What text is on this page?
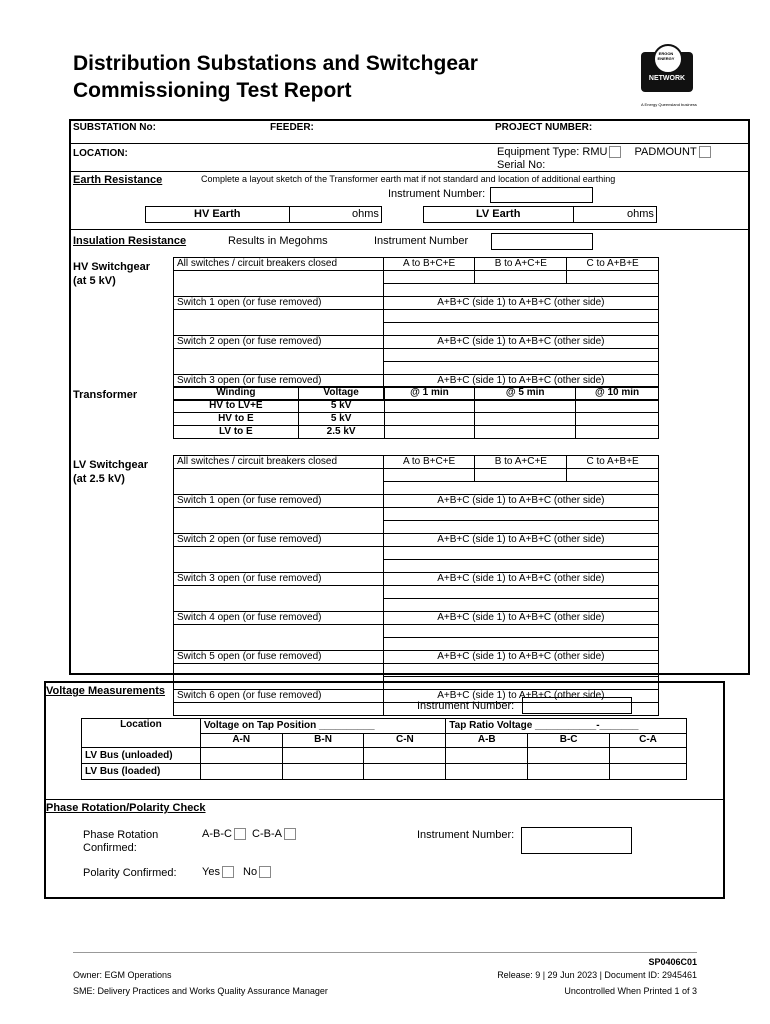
Distribution Substations and Switchgear
Commissioning Test Report
ERGON ENERGY
NETWORK
A Energy Queensland business
SUBSTATION No:	FEEDER:	PROJECT NUMBER:
LOCATION:	Equipment Type: RMU PADMOUNT
Serial No:
Earth Resistance	Complete a layout sketch of the Transformer earth mat if not standard and location of additional earthing
Instrument Number:
HV Earth	ohms	LV Earth	ohms
Insulation Resistance	Results in Megohms	Instrument Number
HV Switchgear
(at 5 kV)
All switches / circuit breakers closed	A to B+C+E	B to A+C+E	C to A+B+E

Switch 1 open (or fuse removed)	A+B+C (side 1) to A+B+C (other side)		

Switch 2 open (or fuse removed)	A+B+C (side 1) to A+B+C (other side)		

Switch 3 open (or fuse removed)	A+B+C (side 1) to A+B+C (other side)		

Transformer	Winding	Voltage	@ 1 min	@ 5 min	@ 10 min
HV to LV+E	5 kV			
HV to E	5 kV			
LV to E	2.5 kV			
LV Switchgear
(at 2.5 kV)
All switches / circuit breakers closed	A to B+C+E	B to A+C+E	C to A+B+E

Switch 1 open (or fuse removed)	A+B+C (side 1) to A+B+C (other side)		

Switch 2 open (or fuse removed)	A+B+C (side 1) to A+B+C (other side)		

Switch 3 open (or fuse removed)	A+B+C (side 1) to A+B+C (other side)		

Switch 4 open (or fuse removed)	A+B+C (side 1) to A+B+C (other side)		

Switch 5 open (or fuse removed)	A+B+C (side 1) to A+B+C (other side)		

Switch 6 open (or fuse removed)	A+B+C (side 1) to A+B+C (other side)		

Voltage Measurements
Instrument Number:
Location	Voltage on Tap Position __________			Tap Ratio Voltage ___________-_______		
	A-N	B-N	C-N	A-B	B-C	C-A
LV Bus (unloaded)						
LV Bus (loaded)						
Phase Rotation/Polarity Check
Phase Rotation
Confirmed:
A-B-C C-B-A	Instrument Number:
Polarity Confirmed: Yes No
SP0406C01
Owner: EGM Operations	Release: 9 | 29 Jun 2023 | Document ID: 2945461
SME: Delivery Practices and Works Quality Assurance Manager	Uncontrolled When Printed 1 of 3
